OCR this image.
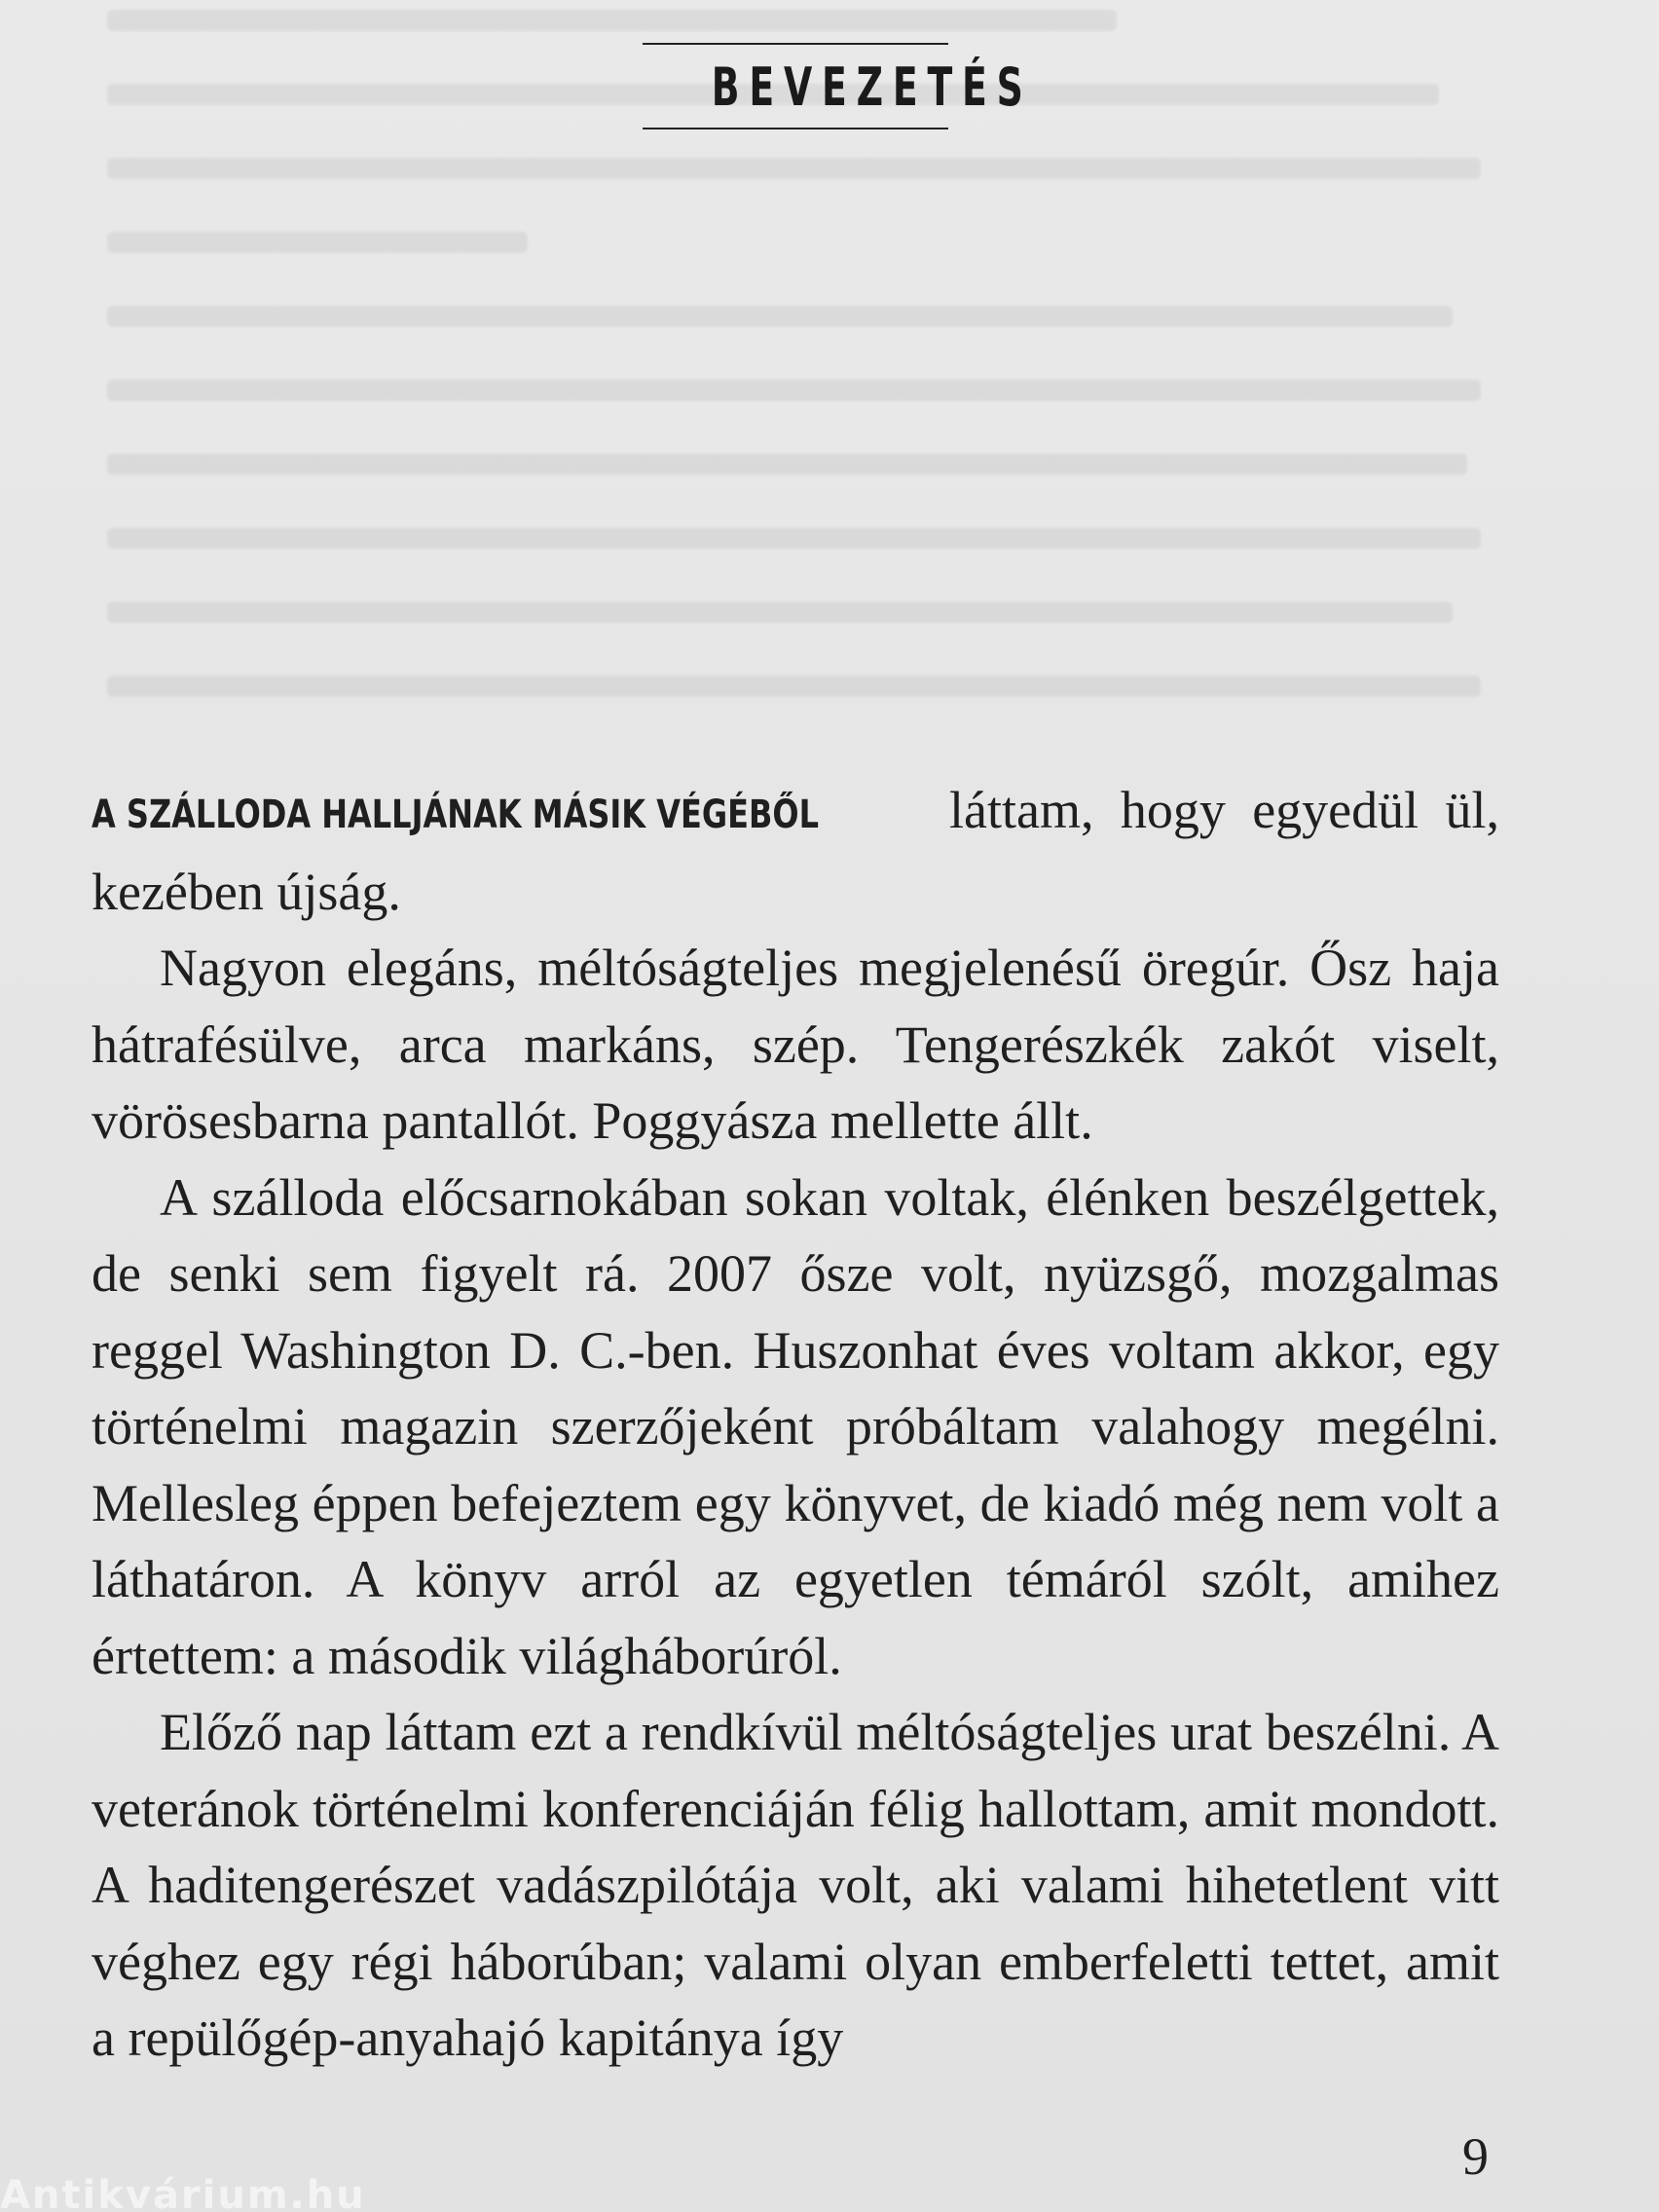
BEVEZETÉS

A SZÁLLODA HALLJÁNAK MÁSIK VÉGÉBŐL láttam, hogy egyedül ül, kezében újság.

Nagyon elegáns, méltóságteljes megjelenésű öregúr. Ősz haja hátrafésülve, arca markáns, szép. Tengerészkék zakót viselt, vörösesbarna pantallót. Poggyásza mellette állt.

A szálloda előcsarnokában sokan voltak, élénken beszélgettek, de senki sem figyelt rá. 2007 ősze volt, nyüzsgő, mozgalmas reggel Washington D. C.-ben. Huszonhat éves voltam akkor, egy történelmi magazin szerzőjeként próbáltam valahogy megélni. Mellesleg éppen befejeztem egy könyvet, de kiadó még nem volt a láthatáron. A könyv arról az egyetlen témáról szólt, amihez értettem: a második világháborúról.

Előző nap láttam ezt a rendkívül méltóságteljes urat beszélni. A veteránok történelmi konferenciáján félig hallottam, amit mondott. A haditengerészet vadászpilótája volt, aki valami hihetetlent vitt véghez egy régi háborúban; valami olyan emberfeletti tettet, amit a repülőgép-anyahajó kapitánya így

9
Antikvárium.hu
